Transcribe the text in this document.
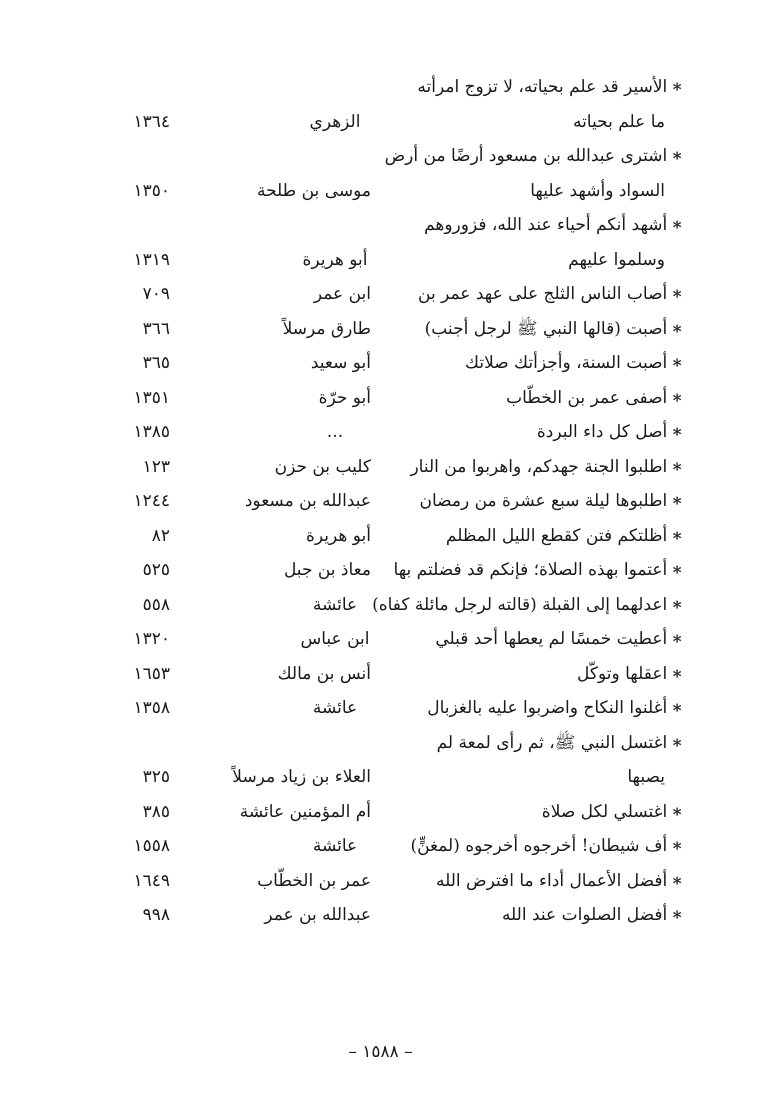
∗الأسير قد علم بحياته، لا تزوج امرأته
ما علم بحياته
الزهري
١٣٦٤
∗اشترى عبدالله بن مسعود أرضًا من أرض
السواد وأشهد عليها
موسى بن طلحة
١٣٥٠
∗أشهد أنكم أحياء عند الله، فزوروهم
وسلموا عليهم
أبو هريرة
١٣١٩
∗أصاب الناس الثلج على عهد عمر بن
ابن عمر
٧٠٩
∗أصبت (قالها النبي ﷺ لرجل أجنب)
طارق مرسلاً
٣٦٦
∗أصبت السنة، وأجزأتك صلاتك
أبو سعيد
٣٦٥
∗أصفى عمر بن الخطّاب
أبو حرّة
١٣٥١
∗أصل كل داء البردة
...
١٣٨٥
∗اطلبوا الجنة جهدكم، واهربوا من النار
كليب بن حزن
١٢٣
∗اطلبوها ليلة سبع عشرة من رمضان
عبدالله بن مسعود
١٢٤٤
∗أظلتكم فتن كقطع الليل المظلم
أبو هريرة
٨٢
∗أعتموا بهذه الصلاة؛ فإنكم قد فضلتم بها
معاذ بن جبل
٥٢٥
∗اعدلهما إلى القبلة (قالته لرجل مائلة كفاه)
عائشة
٥٥٨
∗أعطيت خمسًا لم يعطها أحد قبلي
ابن عباس
١٣٢٠
∗اعقلها وتوكّل
أنس بن مالك
١٦٥٣
∗أغلنوا النكاح واضربوا عليه بالغزبال
عائشة
١٣٥٨
∗اغتسل النبي ﷺ، ثم رأى لمعة لم
يصبها
العلاء بن زياد مرسلاً
٣٢٥
∗اغتسلي لكل صلاة
أم المؤمنين عائشة
٣٨٥
∗أف شيطان! أخرجوه أخرجوه (لمغنٍّ)
عائشة
١٥٥٨
∗أفضل الأعمال أداء ما افترض الله
عمر بن الخطّاب
١٦٤٩
∗أفضل الصلوات عند الله
عبدالله بن عمر
٩٩٨
– ١٥٨٨ –
